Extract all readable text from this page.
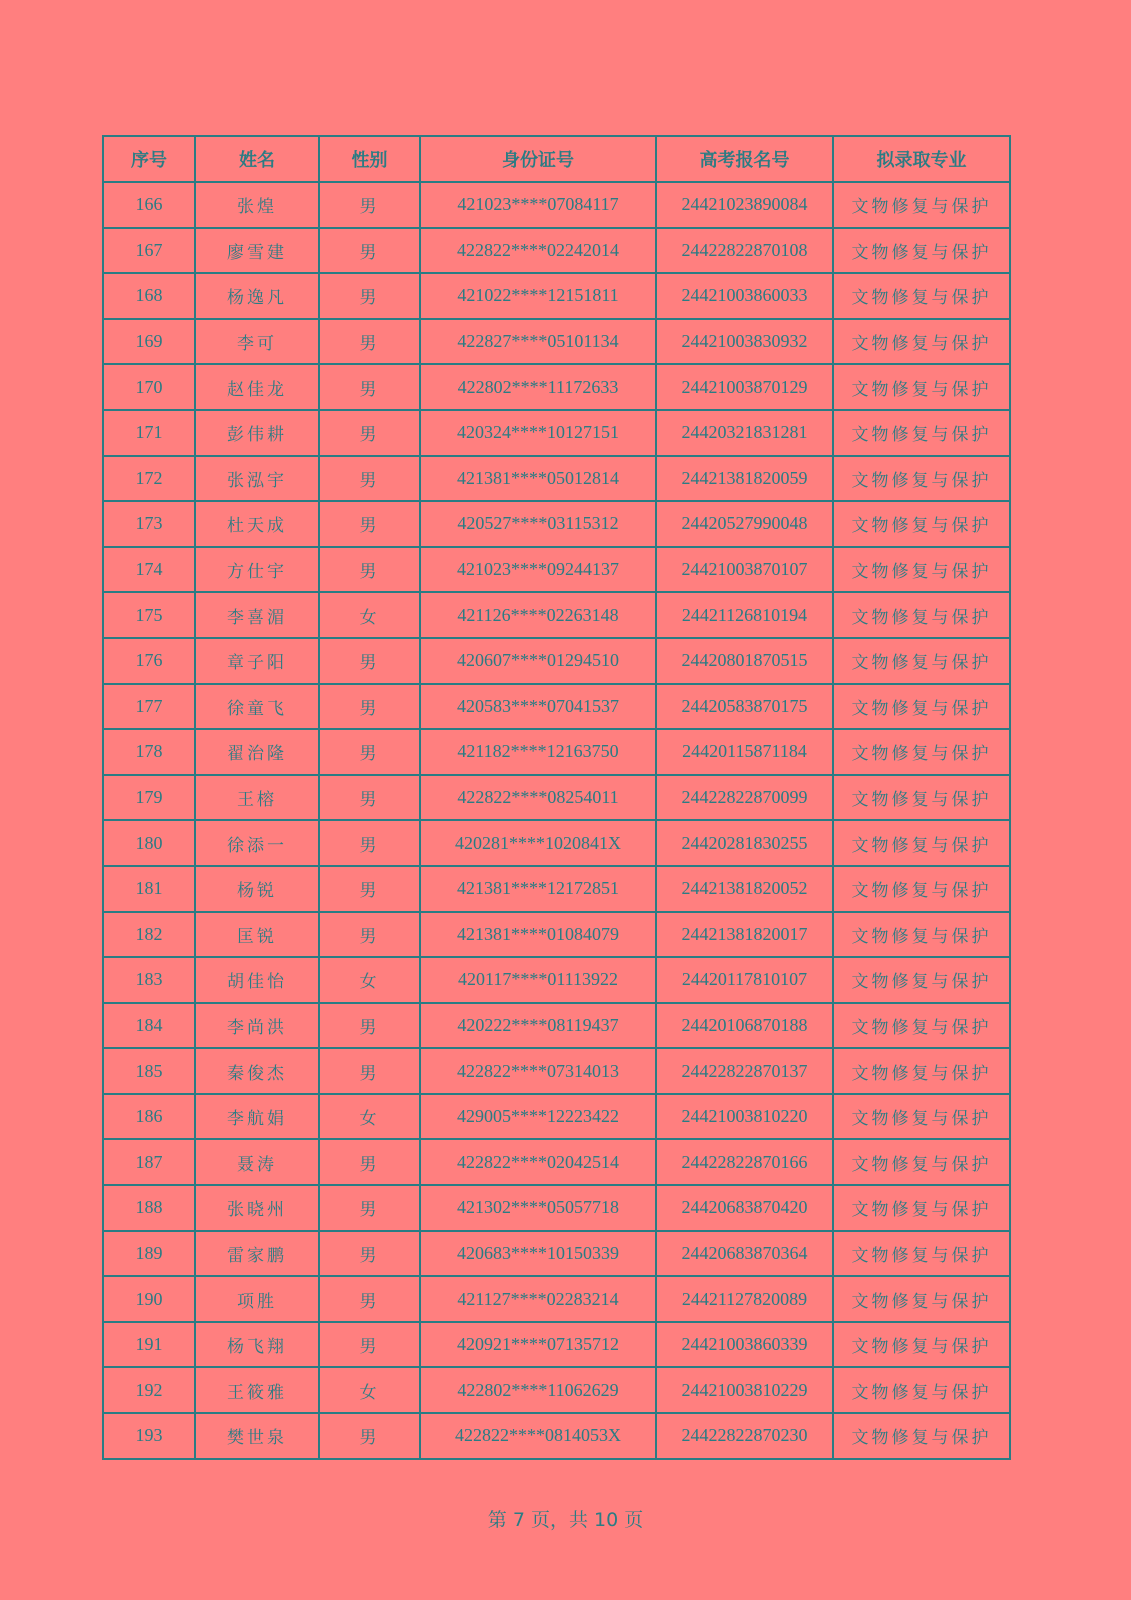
序号	姓名	性别	身份证号	高考报名号	拟录取专业
166	张煌	男	421023****07084117	24421023890084	文物修复与保护
167	廖雪建	男	422822****02242014	24422822870108	文物修复与保护
168	杨逸凡	男	421022****12151811	24421003860033	文物修复与保护
169	李可	男	422827****05101134	24421003830932	文物修复与保护
170	赵佳龙	男	422802****11172633	24421003870129	文物修复与保护
171	彭伟耕	男	420324****10127151	24420321831281	文物修复与保护
172	张泓宇	男	421381****05012814	24421381820059	文物修复与保护
173	杜天成	男	420527****03115312	24420527990048	文物修复与保护
174	方仕宇	男	421023****09244137	24421003870107	文物修复与保护
175	李喜湄	女	421126****02263148	24421126810194	文物修复与保护
176	章子阳	男	420607****01294510	24420801870515	文物修复与保护
177	徐童飞	男	420583****07041537	24420583870175	文物修复与保护
178	翟治隆	男	421182****12163750	24420115871184	文物修复与保护
179	王榕	男	422822****08254011	24422822870099	文物修复与保护
180	徐添一	男	420281****1020841X	24420281830255	文物修复与保护
181	杨锐	男	421381****12172851	24421381820052	文物修复与保护
182	匡锐	男	421381****01084079	24421381820017	文物修复与保护
183	胡佳怡	女	420117****01113922	24420117810107	文物修复与保护
184	李尚洪	男	420222****08119437	24420106870188	文物修复与保护
185	秦俊杰	男	422822****07314013	24422822870137	文物修复与保护
186	李航娟	女	429005****12223422	24421003810220	文物修复与保护
187	聂涛	男	422822****02042514	24422822870166	文物修复与保护
188	张晓州	男	421302****05057718	24420683870420	文物修复与保护
189	雷家鹏	男	420683****10150339	24420683870364	文物修复与保护
190	项胜	男	421127****02283214	24421127820089	文物修复与保护
191	杨飞翔	男	420921****07135712	24421003860339	文物修复与保护
192	王筱雅	女	422802****11062629	24421003810229	文物修复与保护
193	樊世泉	男	422822****0814053X	24422822870230	文物修复与保护
第 7 页，共 10 页
